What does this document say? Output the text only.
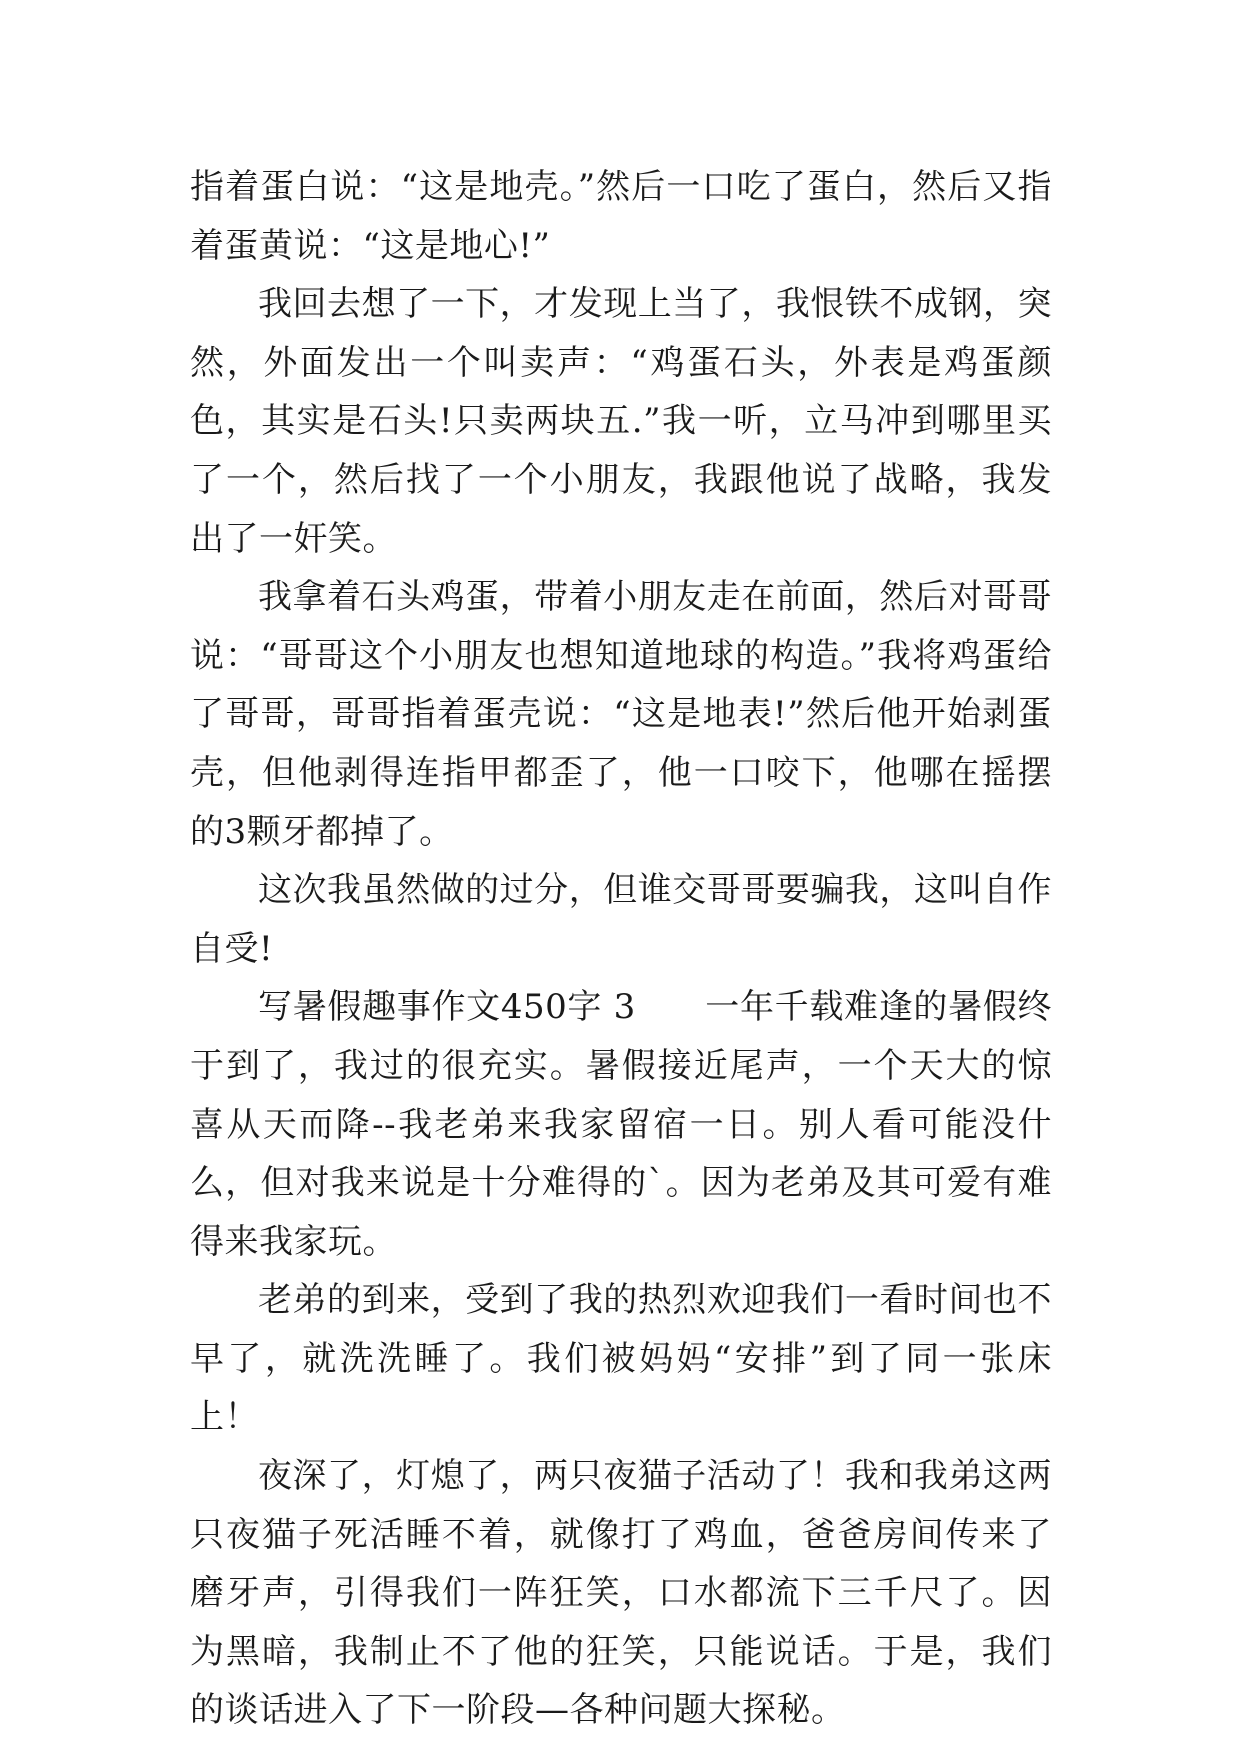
指着蛋白说：“这是地壳。”然后一口吃了蛋白，然后又指着蛋黄说：“这是地心!”

我回去想了一下，才发现上当了，我恨铁不成钢，突然，外面发出一个叫卖声：“鸡蛋石头，外表是鸡蛋颜色，其实是石头!只卖两块五.”我一听，立马冲到哪里买了一个，然后找了一个小朋友，我跟他说了战略，我发出了一奸笑。

我拿着石头鸡蛋，带着小朋友走在前面，然后对哥哥说：“哥哥这个小朋友也想知道地球的构造。”我将鸡蛋给了哥哥，哥哥指着蛋壳说：“这是地表!”然后他开始剥蛋壳，但他剥得连指甲都歪了，他一口咬下，他哪在摇摆的3颗牙都掉了。

这次我虽然做的过分，但谁交哥哥要骗我，这叫自作自受!

写暑假趣事作文450字 3　　一年千载难逢的暑假终于到了，我过的很充实。暑假接近尾声，一个天大的惊喜从天而降--我老弟来我家留宿一日。别人看可能没什么，但对我来说是十分难得的`。因为老弟及其可爱有难得来我家玩。

老弟的到来，受到了我的热烈欢迎我们一看时间也不早了，就洗洗睡了。我们被妈妈“安排”到了同一张床上！

夜深了，灯熄了，两只夜猫子活动了！我和我弟这两只夜猫子死活睡不着，就像打了鸡血，爸爸房间传来了磨牙声，引得我们一阵狂笑，口水都流下三千尺了。因为黑暗，我制止不了他的狂笑，只能说话。于是，我们的谈话进入了下一阶段—各种问题大探秘。
